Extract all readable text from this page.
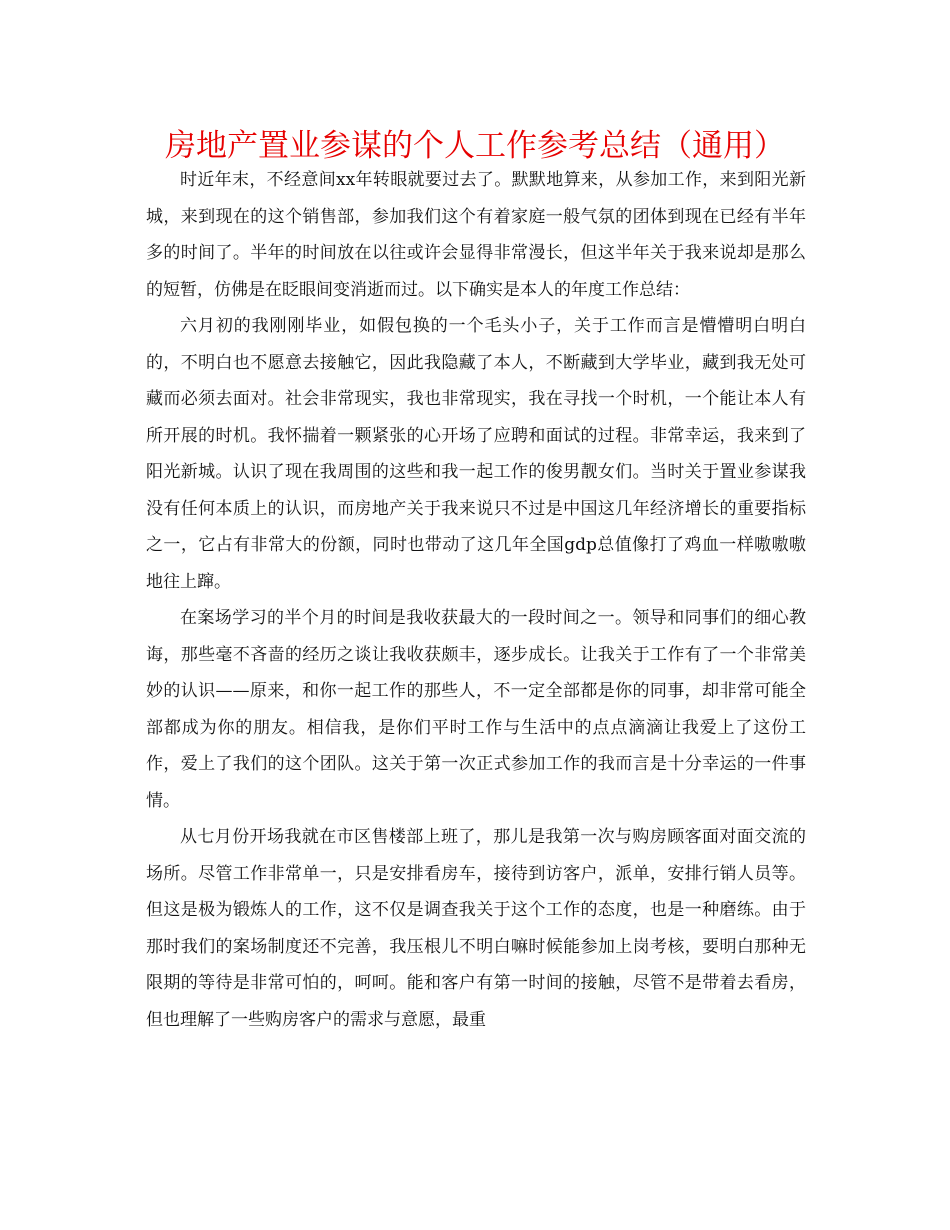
房地产置业参谋的个人工作参考总结（通用）

时近年末，不经意间xx年转眼就要过去了。默默地算来，从参加工作，来到阳光新城，来到现在的这个销售部，参加我们这个有着家庭一般气氛的团体到现在已经有半年多的时间了。半年的时间放在以往或许会显得非常漫长，但这半年关于我来说却是那么的短暂，仿佛是在眨眼间变消逝而过。以下确实是本人的年度工作总结：

六月初的我刚刚毕业，如假包换的一个毛头小子，关于工作而言是懵懵明白明白的，不明白也不愿意去接触它，因此我隐藏了本人，不断藏到大学毕业，藏到我无处可藏而必须去面对。社会非常现实，我也非常现实，我在寻找一个时机，一个能让本人有所开展的时机。我怀揣着一颗紧张的心开场了应聘和面试的过程。非常幸运，我来到了阳光新城。认识了现在我周围的这些和我一起工作的俊男靓女们。当时关于置业参谋我没有任何本质上的认识，而房地产关于我来说只不过是中国这几年经济增长的重要指标之一，它占有非常大的份额，同时也带动了这几年全国gdp总值像打了鸡血一样嗷嗷嗷地往上蹿。

在案场学习的半个月的时间是我收获最大的一段时间之一。领导和同事们的细心教诲，那些毫不吝啬的经历之谈让我收获颇丰，逐步成长。让我关于工作有了一个非常美妙的认识——原来，和你一起工作的那些人，不一定全部都是你的同事，却非常可能全部都成为你的朋友。相信我，是你们平时工作与生活中的点点滴滴让我爱上了这份工作，爱上了我们的这个团队。这关于第一次正式参加工作的我而言是十分幸运的一件事情。

从七月份开场我就在市区售楼部上班了，那儿是我第一次与购房顾客面对面交流的场所。尽管工作非常单一，只是安排看房车，接待到访客户，派单，安排行销人员等。但这是极为锻炼人的工作，这不仅是调查我关于这个工作的态度，也是一种磨练。由于那时我们的案场制度还不完善，我压根儿不明白嘛时候能参加上岗考核，要明白那种无限期的等待是非常可怕的，呵呵。能和客户有第一时间的接触，尽管不是带着去看房，但也理解了一些购房客户的需求与意愿，最重
